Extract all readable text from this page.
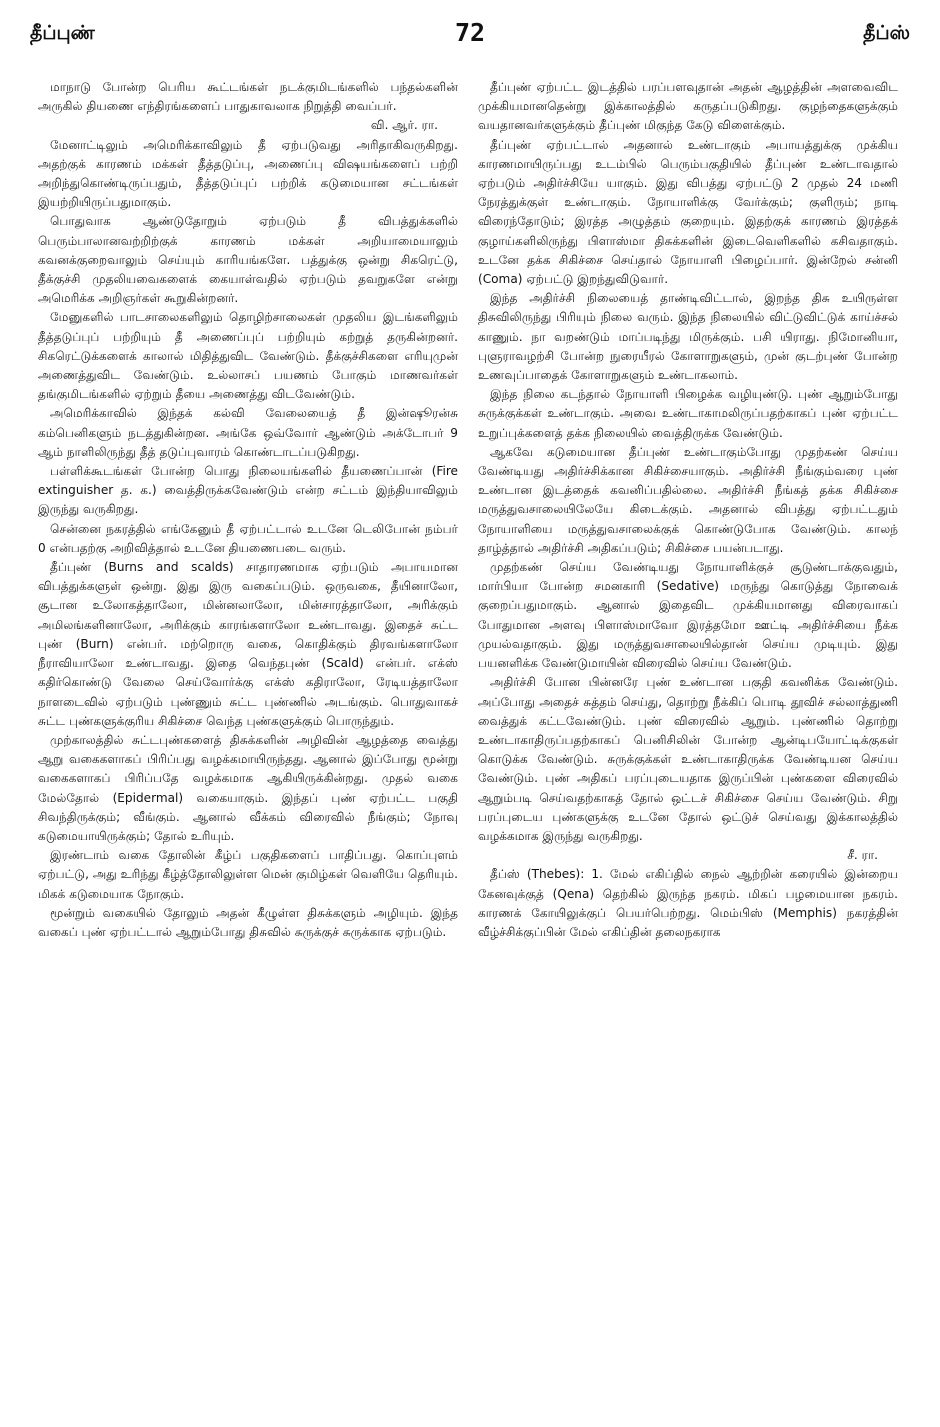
தீப்புண்	72	தீப்ஸ்

மாநாடு போன்ற பெரிய கூட்டங்கள் நடக்குமிடங்களில் பந்தல்களின் அருகில் தியணை எந்திரங்களைப் பாதுகாவலாக நிறுத்தி வைப்பர்.

வி. ஆர். ரா.

மேனாட்டிலும் அமெரிக்காவிலும் தீ ஏற்படுவது அரிதாகிவருகிறது. அதற்குக் காரணம் மக்கள் தீத்தடுப்பு, அணைப்பு விஷயங்களைப் பற்றி அறிந்துகொண்டிருப்பதும், தீத்தடுப்புப் பற்றிக் கடுமையான சட்டங்கள் இயற்றியிருப்பதுமாகும்.

பொதுவாக ஆண்டுதோறும் ஏற்படும் தீ விபத்துக்களில் பெரும்பாலானவற்றிற்குக் காரணம் மக்கள் அறியாமையாலும் கவனக்குறைவாலும் செய்யும் காரியங்களே. பத்துக்கு ஒன்று சிகரெட்டு, தீக்குச்சி முதலியவைகளைக் கையாள்வதில் ஏற்படும் தவறுகளே என்று அமெரிக்க அறிஞர்கள் கூறுகின்றனர்.

மேனுகளில் பாடசாலைகளிலும் தொழிற்சாலைகள் முதலிய இடங்களிலும் தீத்தடுப்புப் பற்றியும் தீ அணைப்புப் பற்றியும் கற்றுத் தருகின்றனர். சிகரெட்டுக்களைக் காலால் மிதித்துவிட வேண்டும். தீக்குச்சிகளை எரியுமுன் அணைத்துவிட வேண்டும். உல்லாசப் பயணம் போகும் மாணவர்கள் தங்குமிடங்களில் ஏற்றும் தீயை அணைத்து விடவேண்டும்.

அமெரிக்காவில் இந்தக் கல்வி வேலையைத் தீ இன்ஷூரன்சு கம்பெனிகளும் நடத்துகின்றன. அங்கே ஒவ்வோர் ஆண்டும் அக்டோபர் 9 ஆம் நாளிலிருந்து தீத் தடுப்புவாரம் கொண்டாடப்படுகிறது.

பள்ளிக்கூடங்கள் போன்ற பொது நிலையங்களில் தீயணைப்பான் (Fire extinguisher த. க.) வைத்திருக்கவேண்டும் என்ற சட்டம் இந்தியாவிலும் இருந்து வருகிறது.

சென்னை நகரத்தில் எங்கேனும் தீ ஏற்பட்டால் உடனே டெலிபோன் நம்பர் 0 என்பதற்கு அறிவித்தால் உடனே தியணைபடை வரும்.

தீப்புண் (Burns and scalds) சாதாரணமாக ஏற்படும் அபாயமான விபத்துக்களுள் ஒன்று. இது இரு வகைப்படும். ஒருவகை, தீயினாலோ, சூடான உலோகத்தாலோ, மின்னலாலோ, மின்சாரத்தாலோ, அரிக்கும் அமிலங்களினாலோ, அரிக்கும் காரங்களாலோ உண்டாவது. இதைச் சுட்ட புண் (Burn) என்பர். மற்றொரு வகை, கொதிக்கும் திரவங்களாலோ நீராவியாலோ உண்டாவது. இதை வெந்தபுண் (Scald) என்பர். எக்ஸ் கதிர்கொண்டு வேலை செய்வோர்க்கு எக்ஸ் கதிராலோ, ரேடியத்தாலோ நாளடைவில் ஏற்படும் புண்ணும் சுட்ட புண்ணில் அடங்கும். பொதுவாகச் சுட்ட புண்களுக்குரிய சிகிச்சை வெந்த புண்களுக்கும் பொருந்தும்.

முற்காலத்தில் சுட்டபுண்களைத் திசுக்களின் அழிவின் ஆழத்தை வைத்து ஆறு வகைகளாகப் பிரிப்பது வழக்கமாயிருந்தது. ஆனால் இப்போது மூன்று வகைகளாகப் பிரிப்பதே வழக்கமாக ஆகியிருக்கின்றது. முதல் வகை மேல்தோல் (Epidermal) வகையாகும். இந்தப் புண் ஏற்பட்ட பகுதி சிவந்திருக்கும்; வீங்கும். ஆனால் வீக்கம் விரைவில் நீங்கும்; நோவு கடுமையாயிருக்கும்; தோல் உரியும்.

இரண்டாம் வகை தோலின் கீழ்ப் பகுதிகளைப் பாதிப்பது. கொப்புளம் ஏற்பட்டு, அது உரிந்து கீழ்த்தோலிலுள்ள மென் குமிழ்கள் வெளியே தெரியும். மிகக் கடுமையாக நோகும்.

மூன்றும் வகையில் தோலும் அதன் கீழுள்ள திசுக்களும் அழியும். இந்த வகைப் புண் ஏற்பட்டால் ஆறும்போது திசுவில் சுருக்குச் சுருக்காக ஏற்படும்.

தீப்புண் ஏற்பட்ட இடத்தில் பரப்பளவுதான் அதன் ஆழத்தின் அளவைவிட முக்கியமானதென்று இக்காலத்தில் கருதப்படுகிறது. குழந்தைகளுக்கும் வயதானவர்களுக்கும் தீப்புண் மிகுந்த கேடு விளைக்கும்.

தீப்புண் ஏற்பட்டால் அதனால் உண்டாகும் அபாயத்துக்கு முக்கிய காரணமாயிருப்பது உடம்பில் பெரும்பகுதியில் தீப்புண் உண்டாவதால் ஏற்படும் அதிர்ச்சியே யாகும். இது விபத்து ஏற்பட்டு 2 முதல் 24 மணி நேரத்துக்குள் உண்டாகும். நோயாளிக்கு வேர்க்கும்; குளிரும்; நாடி விரைந்தோடும்; இரத்த அழுத்தம் குறையும். இதற்குக் காரணம் இரத்தக் குழாய்களிலிருந்து பிளாஸ்மா திசுக்களின் இடைவெளிகளில் கசிவதாகும். உடனே தக்க சிகிச்சை செய்தால் நோயாளி பிழைப்பார். இன்றேல் சன்னி (Coma) ஏற்பட்டு இறந்துவிடுவார்.

இந்த அதிர்ச்சி நிலையைத் தாண்டிவிட்டால், இறந்த திசு உயிருள்ள திசுவிலிருந்து பிரியும் நிலை வரும். இந்த நிலையில் விட்டுவிட்டுக் காய்ச்சல் காணும். நா வறண்டும் மாப்படிந்து மிருக்கும். பசி யிராது. நிமோனியா, புளுராவழற்சி போன்ற நுரையீரல் கோளாறுகளும், முன் குடற்புண் போன்ற உணவுப்பாதைக் கோளாறுகளும் உண்டாகலாம்.

இந்த நிலை கடந்தால் நோயாளி பிழைக்க வழியுண்டு. புண் ஆறும்போது சுருக்குக்கள் உண்டாகும். அவை உண்டாகாமலிருப்பதற்காகப் புண் ஏற்பட்ட உறுப்புக்களைத் தக்க நிலையில் வைத்திருக்க வேண்டும்.

ஆகவே கடுமையான தீப்புண் உண்டாகும்போது முதற்கண் செய்ய வேண்டியது அதிர்ச்சிக்கான சிகிச்சையாகும். அதிர்ச்சி நீங்கும்வரை புண் உண்டான இடத்தைக் கவனிப்பதில்லை. அதிர்ச்சி நீங்கத் தக்க சிகிச்சை மருத்துவசாலையிலேயே கிடைக்கும். அதனால் விபத்து ஏற்பட்டதும் நோயாளியை மருத்துவசாலைக்குக் கொண்டுபோக வேண்டும். காலந் தாழ்த்தால் அதிர்ச்சி அதிகப்படும்; சிகிச்சை பயன்படாது.

முதற்கண் செய்ய வேண்டியது நோயாளிக்குச் சூடுண்டாக்குவதும், மார்பியா போன்ற சமனகாரி (Sedative) மருந்து கொடுத்து நோவைக் குறைப்பதுமாகும். ஆனால் இதைவிட முக்கியமானது விரைவாகப் போதுமான அளவு பிளாஸ்மாவோ இரத்தமோ ஊட்டி அதிர்ச்சியை நீக்க முயல்வதாகும். இது மருத்துவசாலையில்தான் செய்ய முடியும். இது பயனளிக்க வேண்டுமாயின் விரைவில் செய்ய வேண்டும்.

அதிர்ச்சி போன பின்னரே புண் உண்டான பகுதி கவனிக்க வேண்டும். அப்போது அதைச் சுத்தம் செய்து, தொற்று நீக்கிப் பொடி தூவிச் சல்லாத்துணி வைத்துக் கட்டவேண்டும். புண் விரைவில் ஆறும். புண்ணில் தொற்று உண்டாகாதிருப்பதற்காகப் பெனிசிலின் போன்ற ஆன்டிபயோட்டிக்குகள் கொடுக்க வேண்டும். சுருக்குக்கள் உண்டாகாதிருக்க வேண்டியன செய்ய வேண்டும். புண் அதிகப் பரப்புடையதாக இருப்பின் புண்களை விரைவில் ஆறும்படி செய்வதற்காகத் தோல் ஒட்டச் சிகிச்சை செய்ய வேண்டும். சிறு பரப்புடைய புண்களுக்கு உடனே தோல் ஒட்டுச் செய்வது இக்காலத்தில் வழக்கமாக இருந்து வருகிறது.

சீ. ரா.

தீப்ஸ் (Thebes): 1. மேல் எகிப்தில் நைல் ஆற்றின் கரையில் இன்றைய கேனவுக்குத் (Qena) தெற்கில் இருந்த நகரம். மிகப் பழமையான நகரம். காரணக் கோயிலுக்குப் பெயர்பெற்றது. மெம்பிஸ் (Memphis) நகரத்தின் வீழ்ச்சிக்குப்பின் மேல் எகிப்தின் தலைநகராக
